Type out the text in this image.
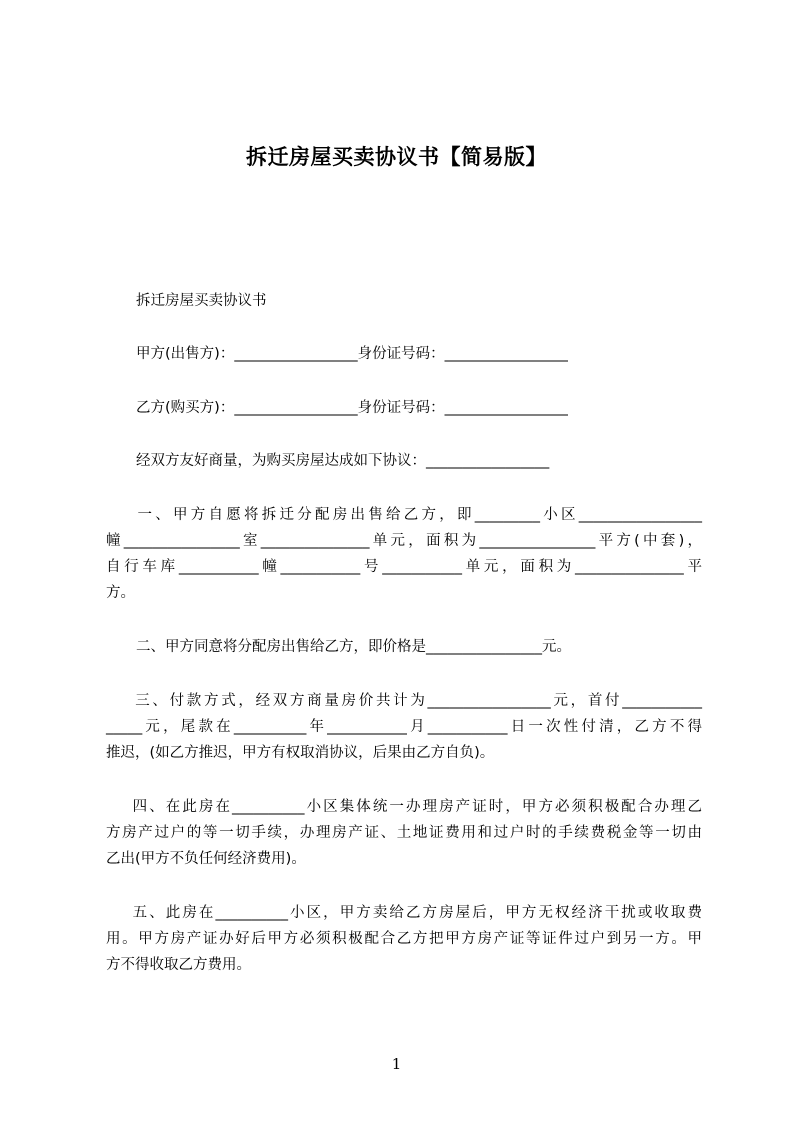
拆迁房屋买卖协议书【简易版】
拆迁房屋买卖协议书
甲方(出售方)：_________________身份证号码：_________________
乙方(购买方)：_________________身份证号码：_________________
经双方友好商量，为购买房屋达成如下协议：_________________
一、甲方自愿将拆迁分配房出售给乙方，即_________小区_________________
幢________________室_______________单元，面积为________________平方(中套)，
自行车库___________幢___________号___________单元，面积为_______________平
方。
二、甲方同意将分配房出售给乙方，即价格是________________元。
三、付款方式，经双方商量房价共计为_________________元，首付___________
_____元，尾款在__________年___________月___________日一次性付清，乙方不得
推迟，(如乙方推迟，甲方有权取消协议，后果由乙方自负)。
四、在此房在__________小区集体统一办理房产证时，甲方必须积极配合办理乙
方房产过户的等一切手续，办理房产证、土地证费用和过户时的手续费税金等一切由
乙出(甲方不负任何经济费用)。
五、此房在__________小区，甲方卖给乙方房屋后，甲方无权经济干扰或收取费
用。甲方房产证办好后甲方必须积极配合乙方把甲方房产证等证件过户到另一方。甲
方不得收取乙方费用。
1
